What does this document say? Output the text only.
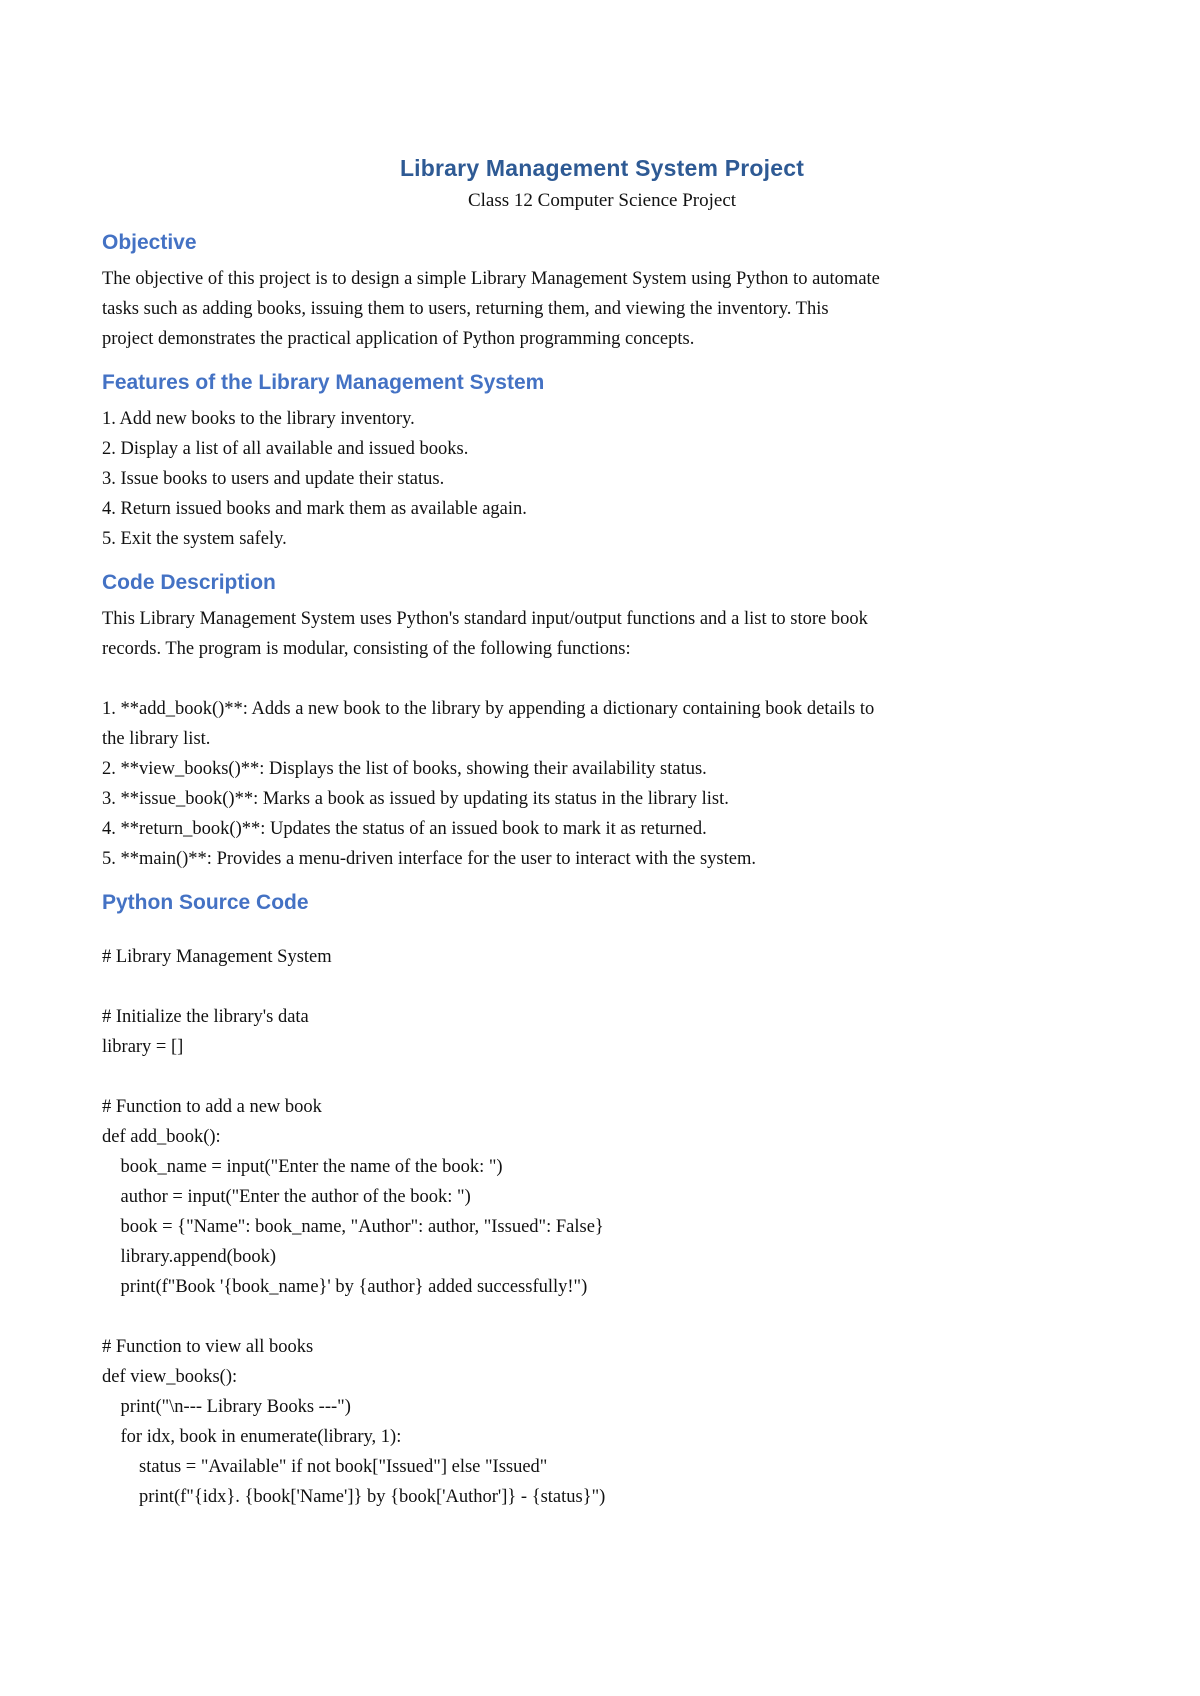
Library Management System Project

Class 12 Computer Science Project

Objective

The objective of this project is to design a simple Library Management System using Python to automate

tasks such as adding books, issuing them to users, returning them, and viewing the inventory. This

project demonstrates the practical application of Python programming concepts.

Features of the Library Management System
1. Add new books to the library inventory.
2. Display a list of all available and issued books.
3. Issue books to users and update their status.
4. Return issued books and mark them as available again.
5. Exit the system safely.
Code Description

This Library Management System uses Python's standard input/output functions and a list to store book

records. The program is modular, consisting of the following functions:

1. **add_book()**: Adds a new book to the library by appending a dictionary containing book details to
the library list.
2. **view_books()**: Displays the list of books, showing their availability status.
3. **issue_book()**: Marks a book as issued by updating its status in the library list.
4. **return_book()**: Updates the status of an issued book to mark it as returned.
5. **main()**: Provides a menu-driven interface for the user to interact with the system.
Python Source Code
# Library Management System
# Initialize the library's data
library = []
# Function to add a new book
def add_book():
book_name = input("Enter the name of the book: ")
author = input("Enter the author of the book: ")
book = {"Name": book_name, "Author": author, "Issued": False}
library.append(book)
print(f"Book '{book_name}' by {author} added successfully!")
# Function to view all books
def view_books():
print("\n--- Library Books ---")
for idx, book in enumerate(library, 1):
status = "Available" if not book["Issued"] else "Issued"
print(f"{idx}. {book['Name']} by {book['Author']} - {status}")
